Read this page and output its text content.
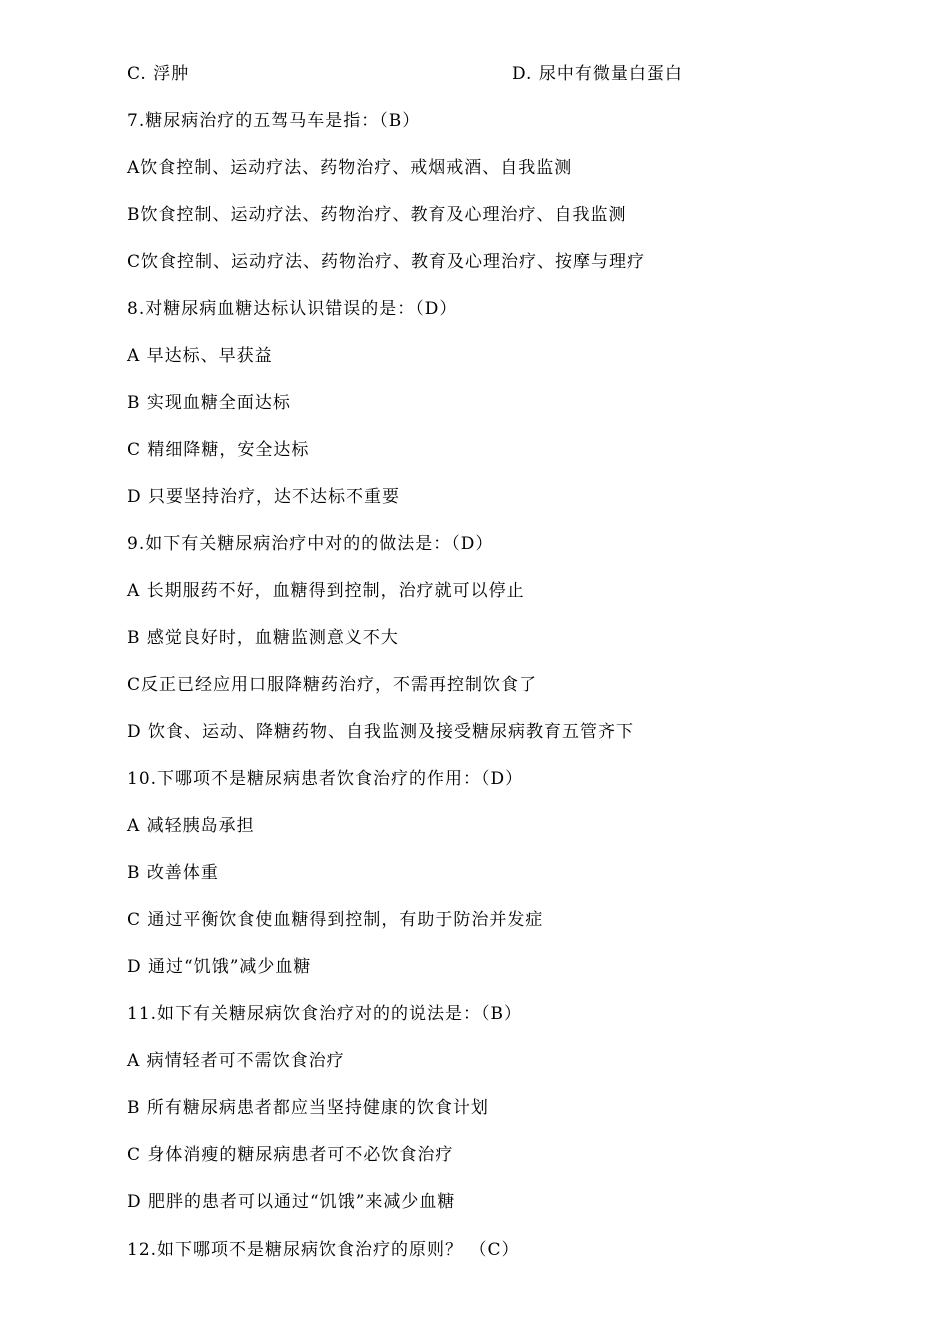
C. 浮肿	D. 尿中有微量白蛋白
7.糖尿病治疗的五驾马车是指：（B）
A饮食控制、运动疗法、药物治疗、戒烟戒酒、自我监测
B饮食控制、运动疗法、药物治疗、教育及心理治疗、自我监测
C饮食控制、运动疗法、药物治疗、教育及心理治疗、按摩与理疗
8.对糖尿病血糖达标认识错误的是：（D）
A 早达标、早获益
B 实现血糖全面达标
C 精细降糖，安全达标
D 只要坚持治疗，达不达标不重要
9.如下有关糖尿病治疗中对的的做法是：（D）
A 长期服药不好，血糖得到控制，治疗就可以停止
B 感觉良好时，血糖监测意义不大
C反正已经应用口服降糖药治疗，不需再控制饮食了
D 饮食、运动、降糖药物、自我监测及接受糖尿病教育五管齐下
10.下哪项不是糖尿病患者饮食治疗的作用：（D）
A 减轻胰岛承担
B 改善体重
C 通过平衡饮食使血糖得到控制，有助于防治并发症
D 通过“饥饿”减少血糖
11.如下有关糖尿病饮食治疗对的的说法是：（B）
A 病情轻者可不需饮食治疗
B 所有糖尿病患者都应当坚持健康的饮食计划
C 身体消瘦的糖尿病患者可不必饮食治疗
D 肥胖的患者可以通过“饥饿”来减少血糖
12.如下哪项不是糖尿病饮食治疗的原则？ （C）
